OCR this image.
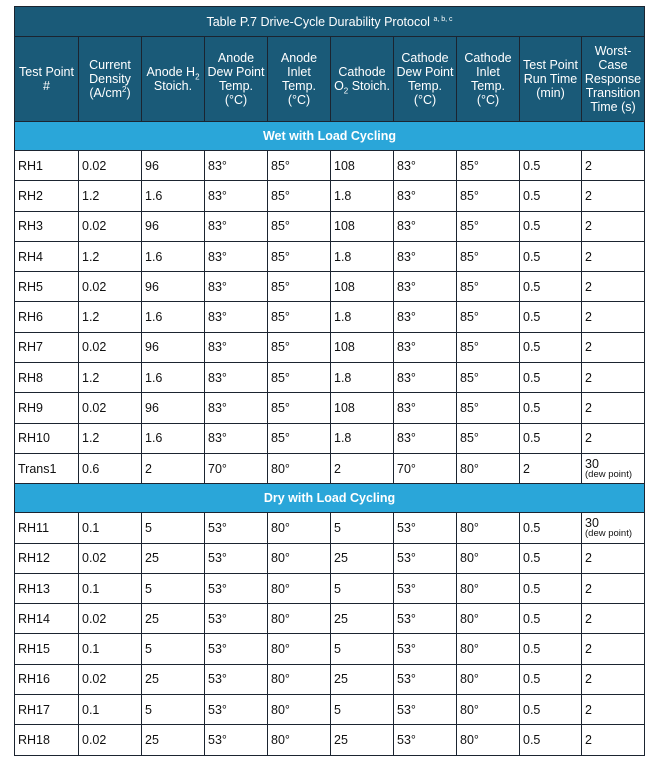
Table P.7 Drive-Cycle Durability Protocol $^{a, b, c}$
Test Point #	Current Density $(A/cm^2)$	Anode $H_2$ Stoich.	Anode Dew Point Temp. (°C)	Anode Inlet Temp. (°C)	Cathode $O_2$ Stoich.	Cathode Dew Point Temp. (°C)	Cathode Inlet Temp. (°C)	Test Point Run Time (min)	Worst-Case Response Transition Time (s)
Wet with Load Cycling									
RH1	0.02	96	83°	85°	108	83°	85°	0.5	2
RH2	1.2	1.6	83°	85°	1.8	83°	85°	0.5	2
RH3	0.02	96	83°	85°	108	83°	85°	0.5	2
RH4	1.2	1.6	83°	85°	1.8	83°	85°	0.5	2
RH5	0.02	96	83°	85°	108	83°	85°	0.5	2
RH6	1.2	1.6	83°	85°	1.8	83°	85°	0.5	2
RH7	0.02	96	83°	85°	108	83°	85°	0.5	2
RH8	1.2	1.6	83°	85°	1.8	83°	85°	0.5	2
RH9	0.02	96	83°	85°	108	83°	85°	0.5	2
RH10	1.2	1.6	83°	85°	1.8	83°	85°	0.5	2
Trans1	0.6	2	70°	80°	2	70°	80°	2	30
(dew point)

Dry with Load Cycling									
RH11	0.1	5	53°	80°	5	53°	80°	0.5	30
(dew point)

RH12	0.02	25	53°	80°	25	53°	80°	0.5	2
RH13	0.1	5	53°	80°	5	53°	80°	0.5	2
RH14	0.02	25	53°	80°	25	53°	80°	0.5	2
RH15	0.1	5	53°	80°	5	53°	80°	0.5	2
RH16	0.02	25	53°	80°	25	53°	80°	0.5	2
RH17	0.1	5	53°	80°	5	53°	80°	0.5	2
RH18	0.02	25	53°	80°	25	53°	80°	0.5	2
